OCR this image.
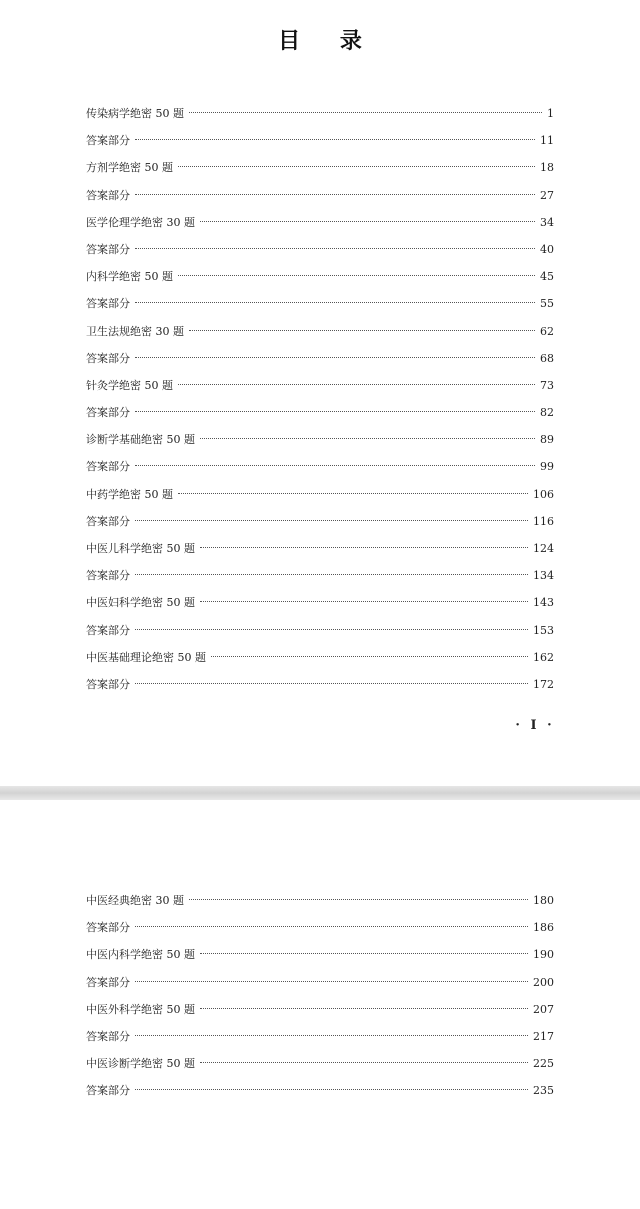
目 录
传染病学绝密 50 题	1
答案部分	11
方剂学绝密 50 题	18
答案部分	27
医学伦理学绝密 30 题	34
答案部分	40
内科学绝密 50 题	45
答案部分	55
卫生法规绝密 30 题	62
答案部分	68
针灸学绝密 50 题	73
答案部分	82
诊断学基础绝密 50 题	89
答案部分	99
中药学绝密 50 题	106
答案部分	116
中医儿科学绝密 50 题	124
答案部分	134
中医妇科学绝密 50 题	143
答案部分	153
中医基础理论绝密 50 题	162
答案部分	172
· Ⅰ ·
中医经典绝密 30 题	180
答案部分	186
中医内科学绝密 50 题	190
答案部分	200
中医外科学绝密 50 题	207
答案部分	217
中医诊断学绝密 50 题	225
答案部分	235
